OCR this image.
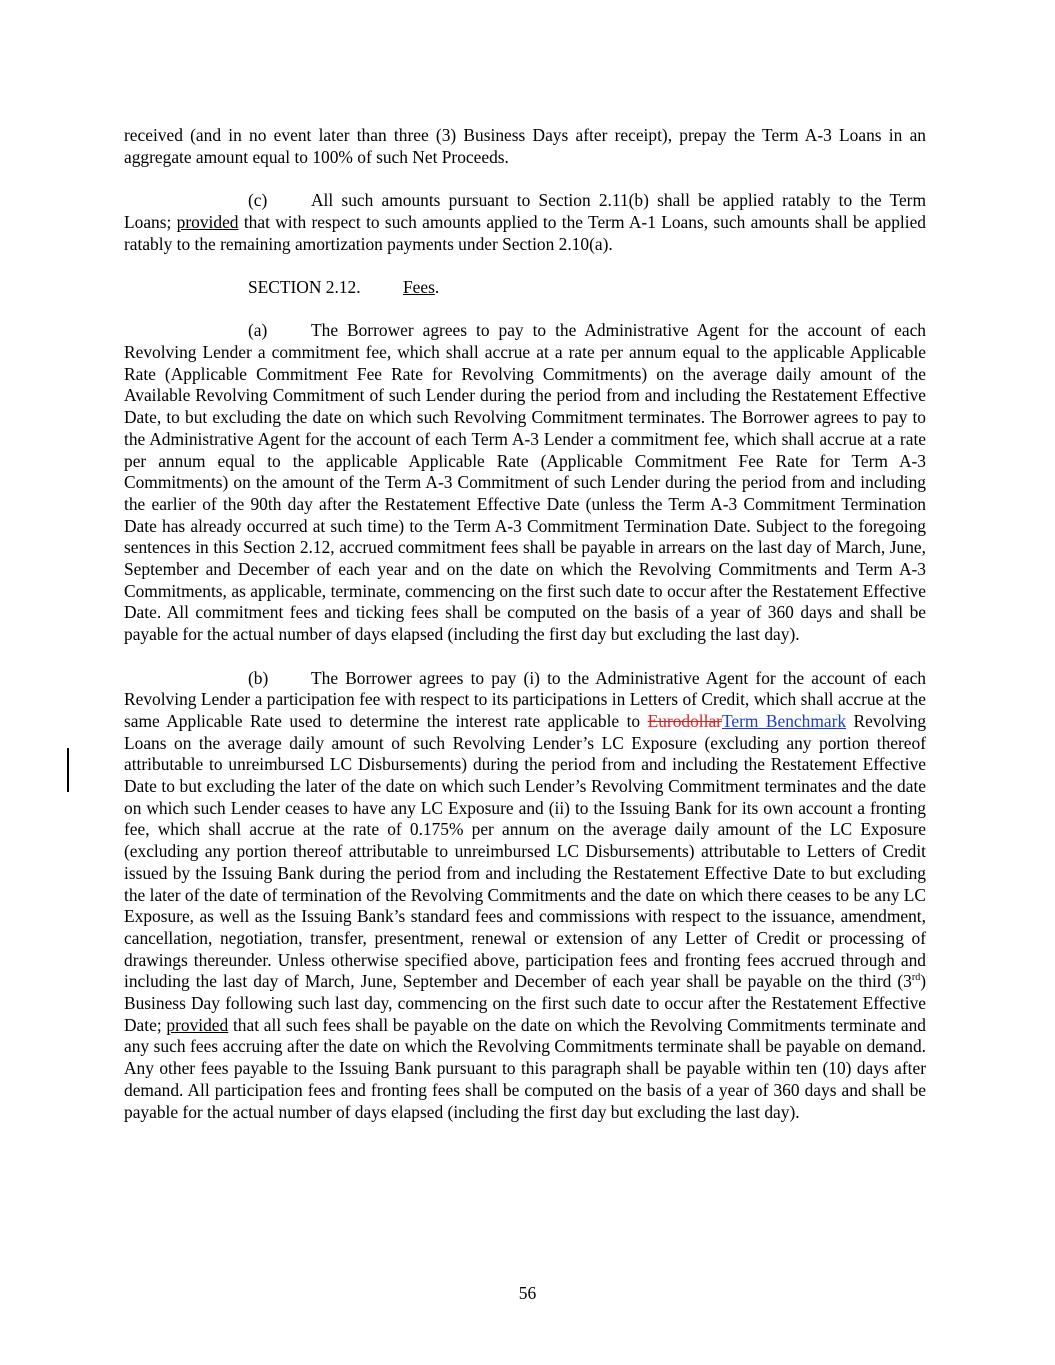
received (and in no event later than three (3) Business Days after receipt), prepay the Term A-3 Loans in an aggregate amount equal to 100% of such Net Proceeds.

(c)	All such amounts pursuant to Section 2.11(b) shall be applied ratably to the Term Loans; provided that with respect to such amounts applied to the Term A-1 Loans, such amounts shall be applied ratably to the remaining amortization payments under Section 2.10(a).

SECTION 2.12. Fees.

(a)	The Borrower agrees to pay to the Administrative Agent for the account of each Revolving Lender a commitment fee, which shall accrue at a rate per annum equal to the applicable Applicable Rate (Applicable Commitment Fee Rate for Revolving Commitments) on the average daily amount of the Available Revolving Commitment of such Lender during the period from and including the Restatement Effective Date, to but excluding the date on which such Revolving Commitment terminates. The Borrower agrees to pay to the Administrative Agent for the account of each Term A-3 Lender a commitment fee, which shall accrue at a rate per annum equal to the applicable Applicable Rate (Applicable Commitment Fee Rate for Term A-3 Commitments) on the amount of the Term A-3 Commitment of such Lender during the period from and including the earlier of the 90th day after the Restatement Effective Date (unless the Term A-3 Commitment Termination Date has already occurred at such time) to the Term A-3 Commitment Termination Date. Subject to the foregoing sentences in this Section 2.12, accrued commitment fees shall be payable in arrears on the last day of March, June, September and December of each year and on the date on which the Revolving Commitments and Term A-3 Commitments, as applicable, terminate, commencing on the first such date to occur after the Restatement Effective Date. All commitment fees and ticking fees shall be computed on the basis of a year of 360 days and shall be payable for the actual number of days elapsed (including the first day but excluding the last day).

(b) The Borrower agrees to pay (i) to the Administrative Agent for the account of each Revolving Lender a participation fee with respect to its participations in Letters of Credit, which shall accrue at the same Applicable Rate used to determine the interest rate applicable to EurodollarTerm Benchmark Revolving Loans on the average daily amount of such Revolving Lender’s LC Exposure (excluding any portion thereof attributable to unreimbursed LC Disbursements) during the period from and including the Restatement Effective Date to but excluding the later of the date on which such Lender’s Revolving Commitment terminates and the date on which such Lender ceases to have any LC Exposure and (ii) to the Issuing Bank for its own account a fronting fee, which shall accrue at the rate of 0.175% per annum on the average daily amount of the LC Exposure (excluding any portion thereof attributable to unreimbursed LC Disbursements) attributable to Letters of Credit issued by the Issuing Bank during the period from and including the Restatement Effective Date to but excluding the later of the date of termination of the Revolving Commitments and the date on which there ceases to be any LC Exposure, as well as the Issuing Bank’s standard fees and commissions with respect to the issuance, amendment, cancellation, negotiation, transfer, presentment, renewal or extension of any Letter of Credit or processing of drawings thereunder. Unless otherwise specified above, participation fees and fronting fees accrued through and including the last day of March, June, September and December of each year shall be payable on the third (3rd) Business Day following such last day, commencing on the first such date to occur after the Restatement Effective Date; provided that all such fees shall be payable on the date on which the Revolving Commitments terminate and any such fees accruing after the date on which the Revolving Commitments terminate shall be payable on demand. Any other fees payable to the Issuing Bank pursuant to this paragraph shall be payable within ten (10) days after demand. All participation fees and fronting fees shall be computed on the basis of a year of 360 days and shall be payable for the actual number of days elapsed (including the first day but excluding the last day).

56
